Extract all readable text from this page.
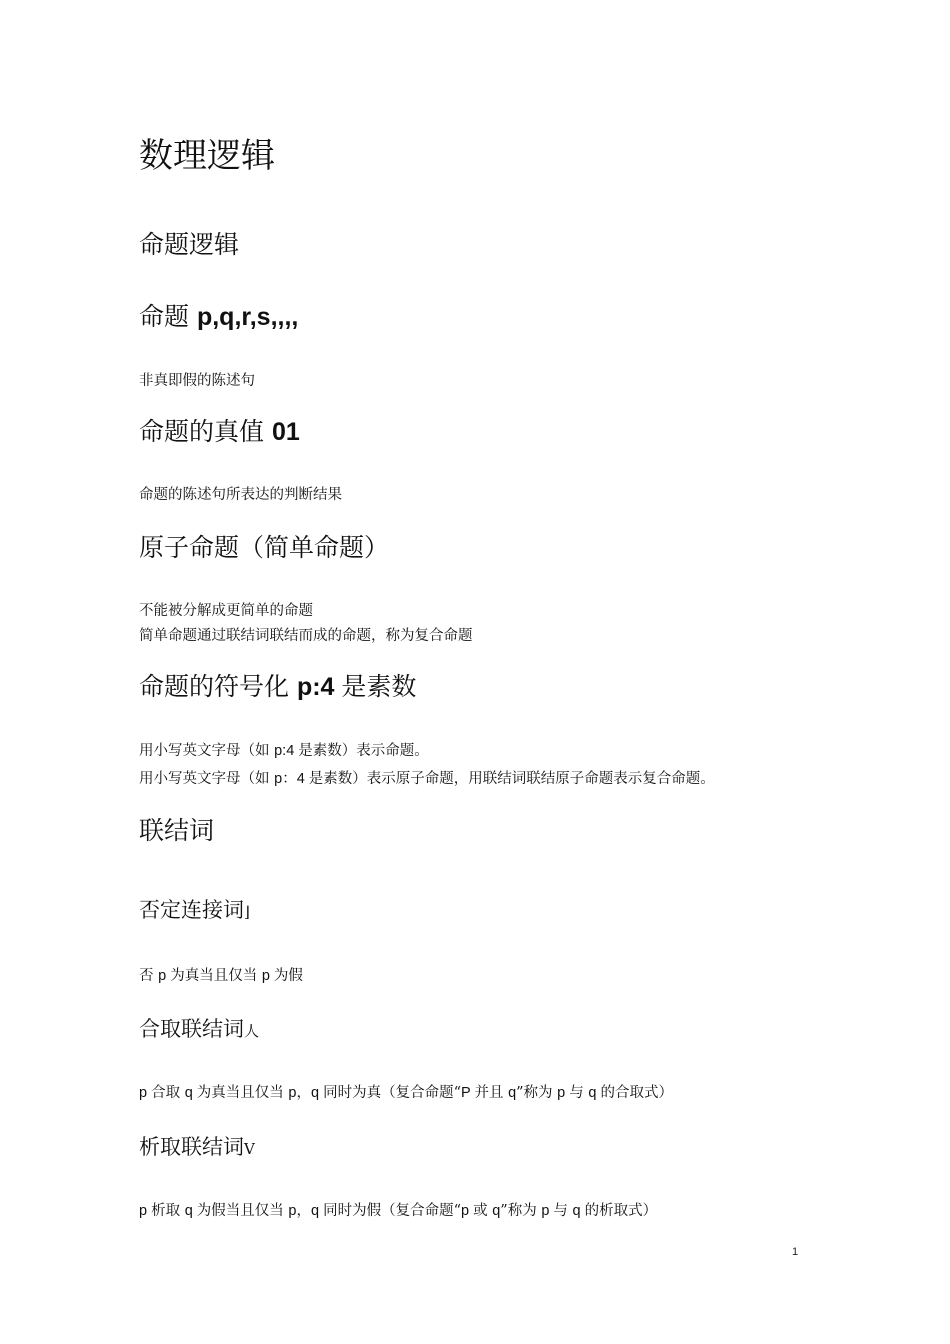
数理逻辑
命题逻辑
命题 p,q,r,s,,,,
非真即假的陈述句
命题的真值 01
命题的陈述句所表达的判断结果
原子命题（简单命题）
不能被分解成更简单的命题
简单命题通过联结词联结而成的命题，称为复合命题
命题的符号化 p:4 是素数
用小写英文字母（如 p:4 是素数）表示命题。
用小写英文字母（如 p：4 是素数）表示原子命题，用联结词联结原子命题表示复合命题。
联结词
否定连接词⌋
否 p 为真当且仅当 p 为假
合取联结词人
p 合取 q 为真当且仅当 p，q 同时为真（复合命题“P 并且 q”称为 p 与 q 的合取式）
析取联结词V
p 析取 q 为假当且仅当 p，q 同时为假（复合命题“p 或 q”称为 p 与 q 的析取式）
1
